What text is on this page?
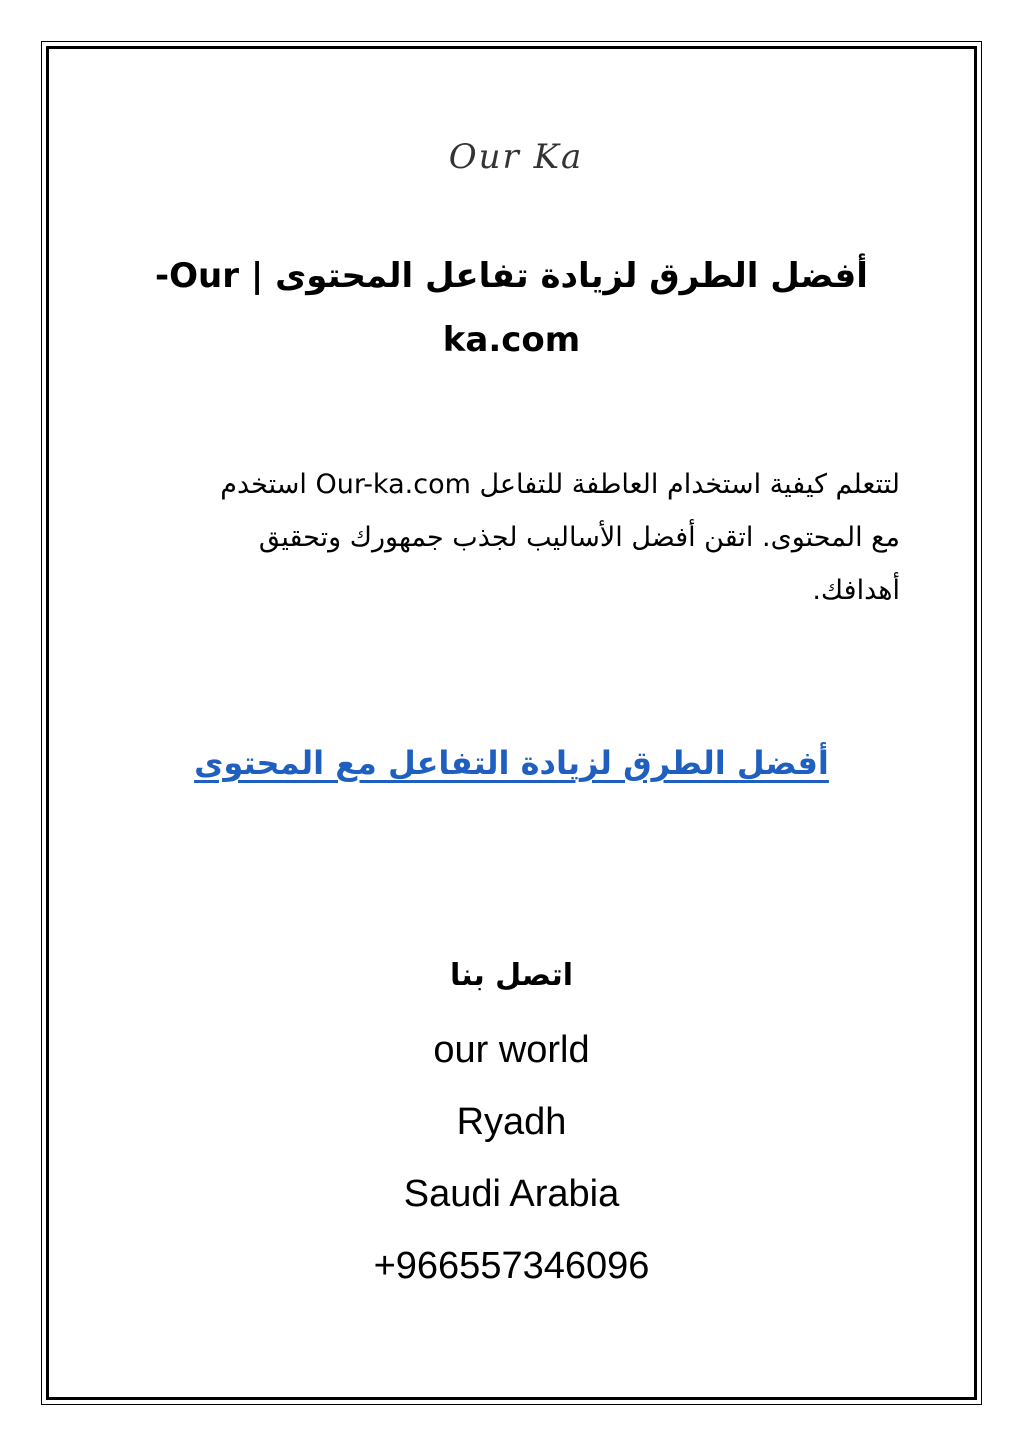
Our Ka
أفضل الطرق لزيادة تفاعل المحتوى | Our-
ka.com
لتتعلم كيفية استخدام العاطفة للتفاعل Our-ka.com استخدم
مع المحتوى. اتقن أفضل الأساليب لجذب جمهورك وتحقيق
أهدافك.
أفضل الطرق لزيادة التفاعل مع المحتوى
اتصل بنا
our world
Ryadh
Saudi Arabia
+966557346096
